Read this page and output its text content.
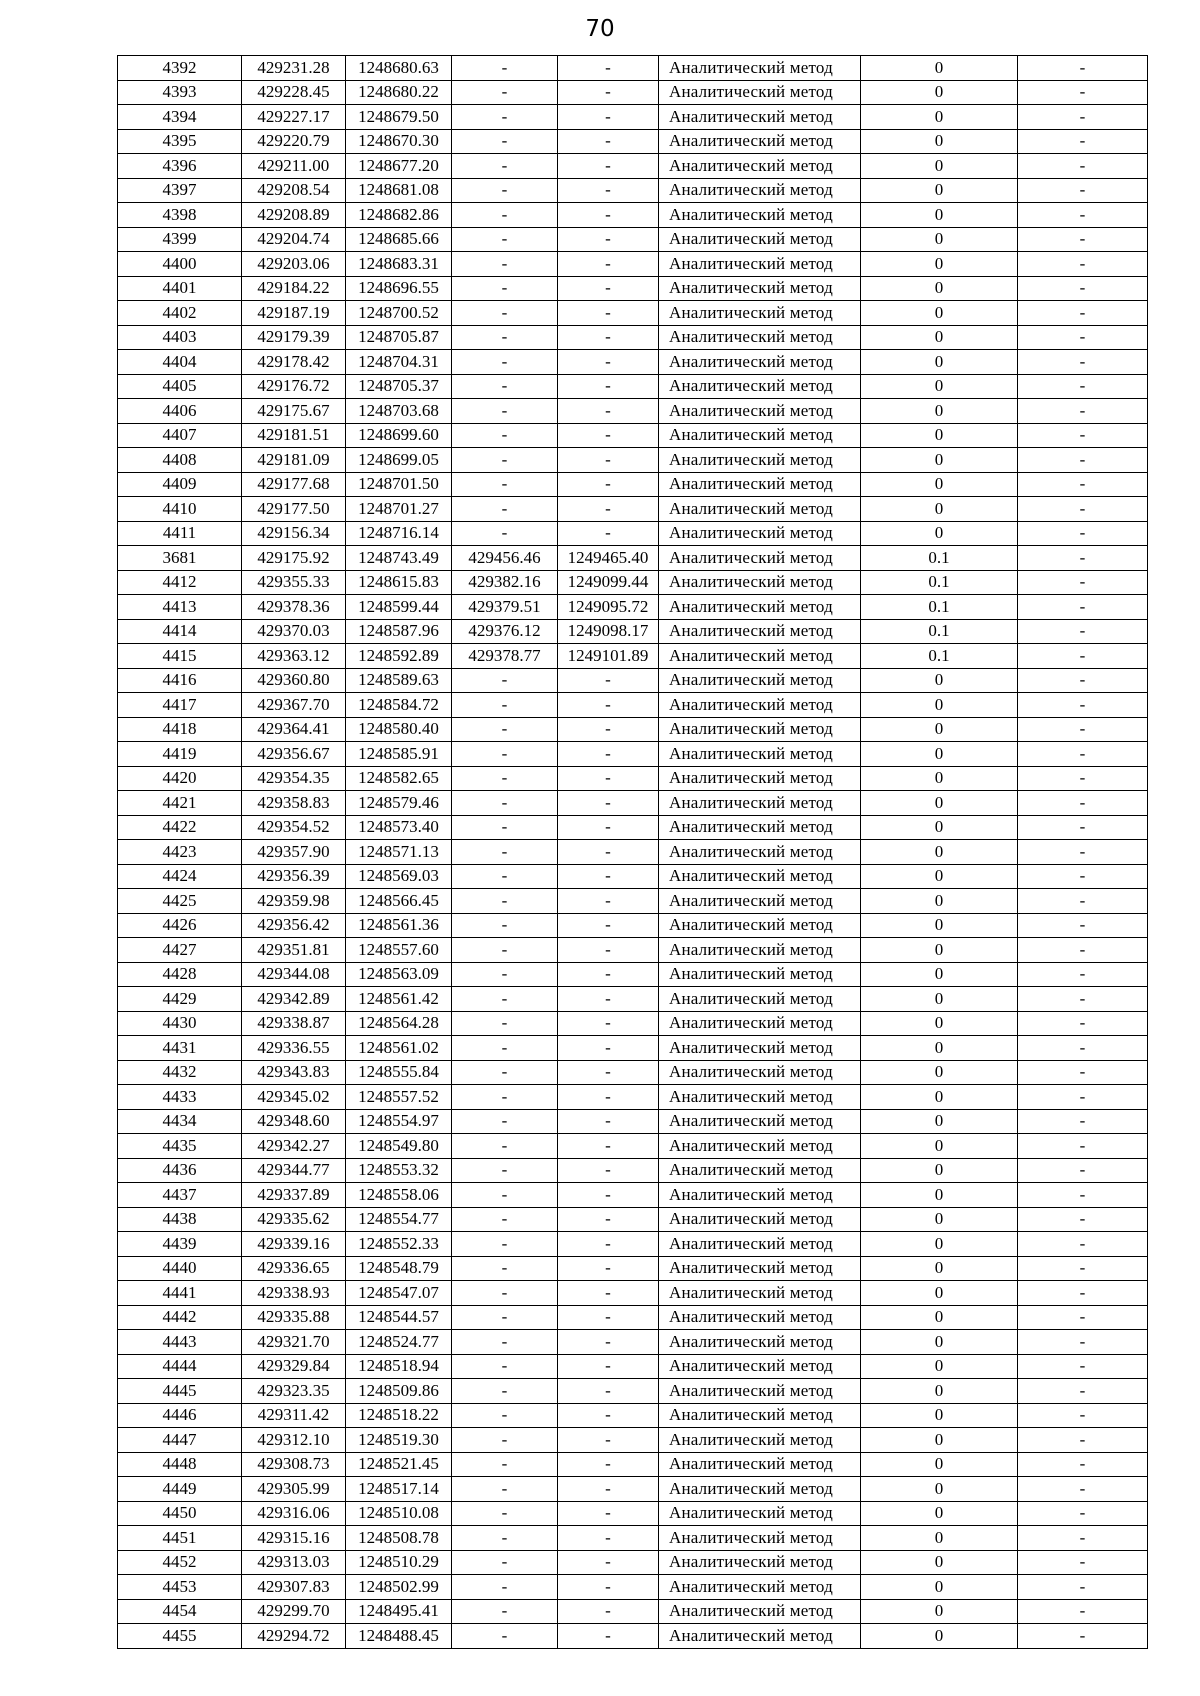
70
4392	429231.28	1248680.63	-	-	Аналитический метод	0	-
4393	429228.45	1248680.22	-	-	Аналитический метод	0	-
4394	429227.17	1248679.50	-	-	Аналитический метод	0	-
4395	429220.79	1248670.30	-	-	Аналитический метод	0	-
4396	429211.00	1248677.20	-	-	Аналитический метод	0	-
4397	429208.54	1248681.08	-	-	Аналитический метод	0	-
4398	429208.89	1248682.86	-	-	Аналитический метод	0	-
4399	429204.74	1248685.66	-	-	Аналитический метод	0	-
4400	429203.06	1248683.31	-	-	Аналитический метод	0	-
4401	429184.22	1248696.55	-	-	Аналитический метод	0	-
4402	429187.19	1248700.52	-	-	Аналитический метод	0	-
4403	429179.39	1248705.87	-	-	Аналитический метод	0	-
4404	429178.42	1248704.31	-	-	Аналитический метод	0	-
4405	429176.72	1248705.37	-	-	Аналитический метод	0	-
4406	429175.67	1248703.68	-	-	Аналитический метод	0	-
4407	429181.51	1248699.60	-	-	Аналитический метод	0	-
4408	429181.09	1248699.05	-	-	Аналитический метод	0	-
4409	429177.68	1248701.50	-	-	Аналитический метод	0	-
4410	429177.50	1248701.27	-	-	Аналитический метод	0	-
4411	429156.34	1248716.14	-	-	Аналитический метод	0	-
3681	429175.92	1248743.49	429456.46	1249465.40	Аналитический метод	0.1	-
4412	429355.33	1248615.83	429382.16	1249099.44	Аналитический метод	0.1	-
4413	429378.36	1248599.44	429379.51	1249095.72	Аналитический метод	0.1	-
4414	429370.03	1248587.96	429376.12	1249098.17	Аналитический метод	0.1	-
4415	429363.12	1248592.89	429378.77	1249101.89	Аналитический метод	0.1	-
4416	429360.80	1248589.63	-	-	Аналитический метод	0	-
4417	429367.70	1248584.72	-	-	Аналитический метод	0	-
4418	429364.41	1248580.40	-	-	Аналитический метод	0	-
4419	429356.67	1248585.91	-	-	Аналитический метод	0	-
4420	429354.35	1248582.65	-	-	Аналитический метод	0	-
4421	429358.83	1248579.46	-	-	Аналитический метод	0	-
4422	429354.52	1248573.40	-	-	Аналитический метод	0	-
4423	429357.90	1248571.13	-	-	Аналитический метод	0	-
4424	429356.39	1248569.03	-	-	Аналитический метод	0	-
4425	429359.98	1248566.45	-	-	Аналитический метод	0	-
4426	429356.42	1248561.36	-	-	Аналитический метод	0	-
4427	429351.81	1248557.60	-	-	Аналитический метод	0	-
4428	429344.08	1248563.09	-	-	Аналитический метод	0	-
4429	429342.89	1248561.42	-	-	Аналитический метод	0	-
4430	429338.87	1248564.28	-	-	Аналитический метод	0	-
4431	429336.55	1248561.02	-	-	Аналитический метод	0	-
4432	429343.83	1248555.84	-	-	Аналитический метод	0	-
4433	429345.02	1248557.52	-	-	Аналитический метод	0	-
4434	429348.60	1248554.97	-	-	Аналитический метод	0	-
4435	429342.27	1248549.80	-	-	Аналитический метод	0	-
4436	429344.77	1248553.32	-	-	Аналитический метод	0	-
4437	429337.89	1248558.06	-	-	Аналитический метод	0	-
4438	429335.62	1248554.77	-	-	Аналитический метод	0	-
4439	429339.16	1248552.33	-	-	Аналитический метод	0	-
4440	429336.65	1248548.79	-	-	Аналитический метод	0	-
4441	429338.93	1248547.07	-	-	Аналитический метод	0	-
4442	429335.88	1248544.57	-	-	Аналитический метод	0	-
4443	429321.70	1248524.77	-	-	Аналитический метод	0	-
4444	429329.84	1248518.94	-	-	Аналитический метод	0	-
4445	429323.35	1248509.86	-	-	Аналитический метод	0	-
4446	429311.42	1248518.22	-	-	Аналитический метод	0	-
4447	429312.10	1248519.30	-	-	Аналитический метод	0	-
4448	429308.73	1248521.45	-	-	Аналитический метод	0	-
4449	429305.99	1248517.14	-	-	Аналитический метод	0	-
4450	429316.06	1248510.08	-	-	Аналитический метод	0	-
4451	429315.16	1248508.78	-	-	Аналитический метод	0	-
4452	429313.03	1248510.29	-	-	Аналитический метод	0	-
4453	429307.83	1248502.99	-	-	Аналитический метод	0	-
4454	429299.70	1248495.41	-	-	Аналитический метод	0	-
4455	429294.72	1248488.45	-	-	Аналитический метод	0	-
